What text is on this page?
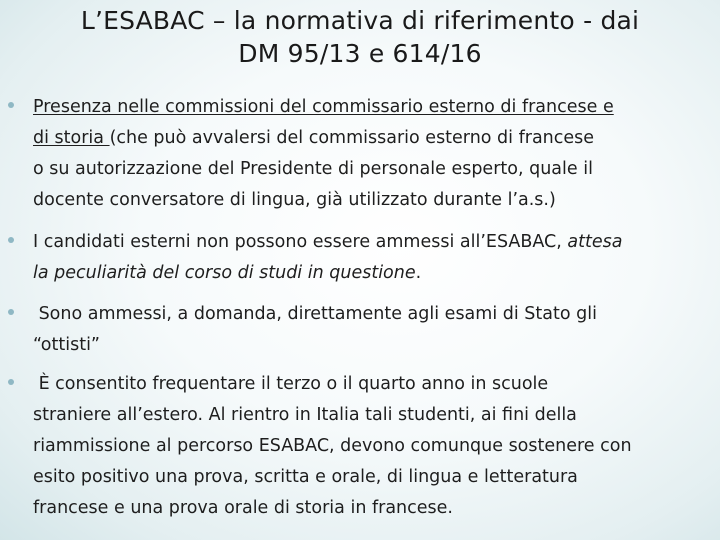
L’ESABAC – la normativa di riferimento - dai
DM 95/13 e 614/16
Presenza nelle commissioni del commissario esterno di francese e
di storia (che può avvalersi del commissario esterno di francese
o su autorizzazione del Presidente di personale esperto, quale il
docente conversatore di lingua, già utilizzato durante l’a.s.)
I candidati esterni non possono essere ammessi all’ESABAC, attesa
la peculiarità del corso di studi in questione.
Sono ammessi, a domanda, direttamente agli esami di Stato gli
“ottisti”
È consentito frequentare il terzo o il quarto anno in scuole
straniere all’estero. Al rientro in Italia tali studenti, ai fini della
riammissione al percorso ESABAC, devono comunque sostenere con
esito positivo una prova, scritta e orale, di lingua e letteratura
francese e una prova orale di storia in francese.
